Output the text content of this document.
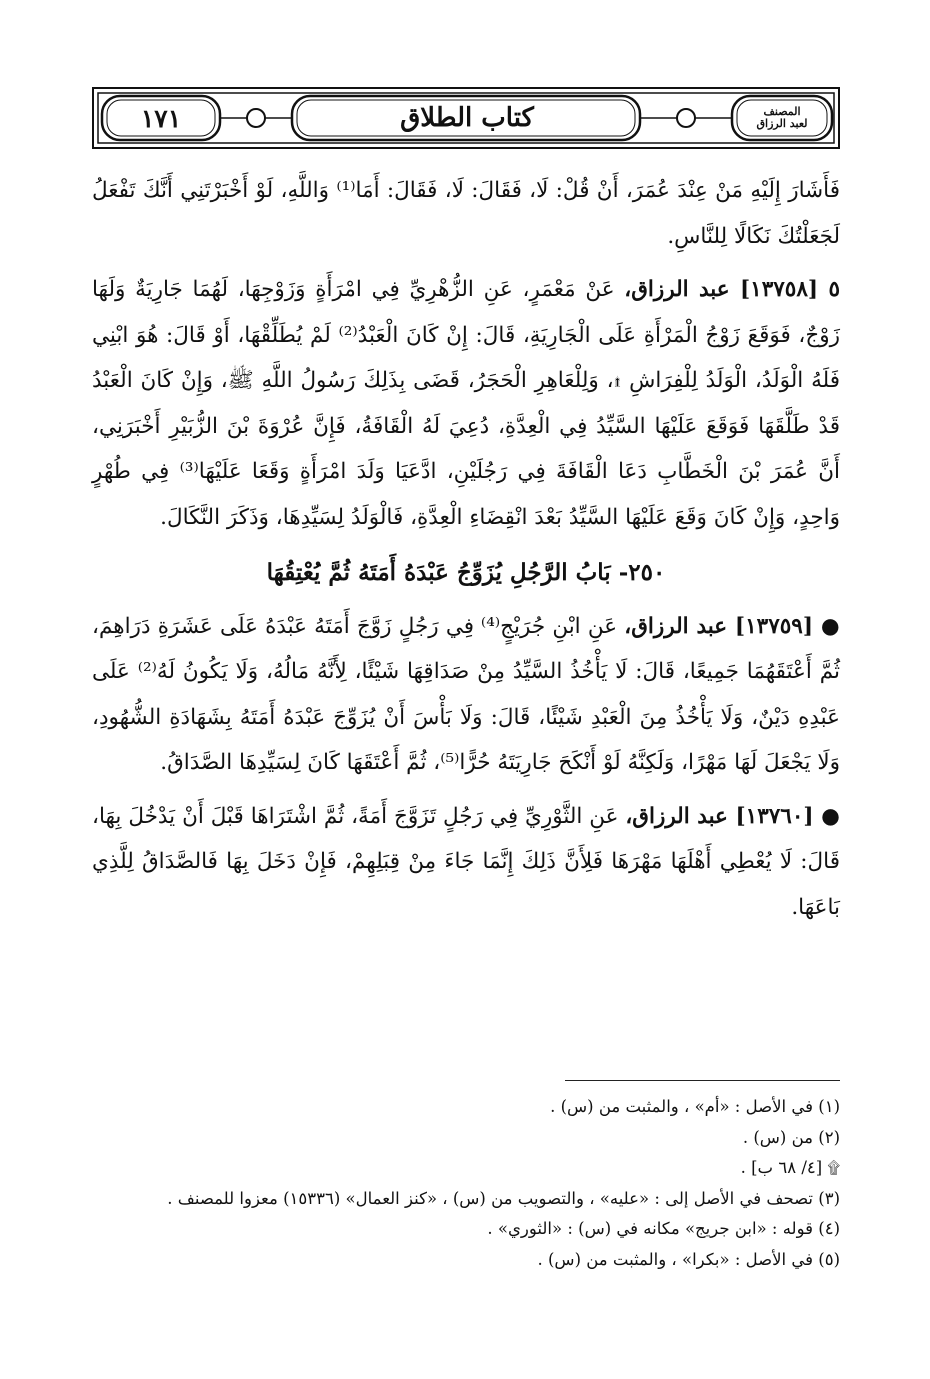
١٧١	كتاب الطلاق	المصنف
لعبد الرزاق

فَأَشَارَ إِلَيْهِ مَنْ عِنْدَ عُمَرَ، أَنْ قُلْ: لَا، فَقَالَ: لَا، فَقَالَ: أَمَا⁽¹⁾ وَاللَّهِ، لَوْ أَخْبَرْتَنِي أَنَّكَ تَفْعَلُ لَجَعَلْتُكَ نَكَالًا لِلنَّاسِ.

٥ [١٣٧٥٨] عبد الرزاق، عَنْ مَعْمَرٍ، عَنِ الزُّهْرِيِّ فِي امْرَأَةٍ وَزَوْجِهَا، لَهُمَا جَارِيَةٌ وَلَهَا زَوْجٌ، فَوَقَعَ زَوْجُ الْمَرْأَةِ عَلَى الْجَارِيَةِ، قَالَ: إِنْ كَانَ الْعَبْدُ⁽²⁾ لَمْ يُطَلِّقْهَا، أَوْ قَالَ: هُوَ ابْنِي فَلَهُ الْوَلَدُ، الْوَلَدُ لِلْفِرَاشِ ۩، وَلِلْعَاهِرِ الْحَجَرُ، قَضَى بِذَلِكَ رَسُولُ اللَّهِ ﷺ، وَإِنْ كَانَ الْعَبْدُ قَدْ طَلَّقَهَا فَوَقَعَ عَلَيْهَا السَّيِّدُ فِي الْعِدَّةِ، دُعِيَ لَهُ الْقَافَةُ، فَإِنَّ عُرْوَةَ بْنَ الزُّبَيْرِ أَخْبَرَنِي، أَنَّ عُمَرَ بْنَ الْخَطَّابِ دَعَا الْقَافَةَ فِي رَجُلَيْنِ، ادَّعَيَا وَلَدَ امْرَأَةٍ وَقَعَا عَلَيْهَا⁽³⁾ فِي طُهْرٍ وَاحِدٍ، وَإِنْ كَانَ وَقَعَ عَلَيْهَا السَّيِّدُ بَعْدَ انْقِضَاءِ الْعِدَّةِ، فَالْوَلَدُ لِسَيِّدِهَا، وَذَكَرَ النَّكَالَ.

٢٥٠- بَابُ الرَّجُلِ يُزَوِّجُ عَبْدَهُ أَمَتَهُ ثُمَّ يُعْتِقُهَا

● [١٣٧٥٩] عبد الرزاق، عَنِ ابْنِ جُرَيْجٍ⁽⁴⁾ فِي رَجُلٍ زَوَّجَ أَمَتَهُ عَبْدَهُ عَلَى عَشَرَةِ دَرَاهِمَ، ثُمَّ أَعْتَقَهُمَا جَمِيعًا، قَالَ: لَا يَأْخُذُ السَّيِّدُ مِنْ صَدَاقِهَا شَيْئًا، لِأَنَّهُ مَالُهُ، وَلَا يَكُونُ لَهُ⁽²⁾ عَلَى عَبْدِهِ دَيْنٌ، وَلَا يَأْخُذُ مِنَ الْعَبْدِ شَيْئًا، قَالَ: وَلَا بَأْسَ أَنْ يُزَوِّجَ عَبْدَهُ أَمَتَهُ بِشَهَادَةِ الشُّهُودِ، وَلَا يَجْعَلَ لَهَا مَهْرًا، وَلَكِنَّهُ لَوْ أَنْكَحَ جَارِيَتَهُ حُرًّا⁽⁵⁾، ثُمَّ أَعْتَقَهَا كَانَ لِسَيِّدِهَا الصَّدَاقُ.

● [١٣٧٦٠] عبد الرزاق، عَنِ الثَّوْرِيِّ فِي رَجُلٍ تَزَوَّجَ أَمَةً، ثُمَّ اشْتَرَاهَا قَبْلَ أَنْ يَدْخُلَ بِهَا، قَالَ: لَا يُعْطِي أَهْلَهَا مَهْرَهَا فَلِأَنَّ ذَلِكَ إِنَّمَا جَاءَ مِنْ قِبَلِهِمْ، فَإِنْ دَخَلَ بِهَا فَالصَّدَاقُ لِلَّذِي بَاعَهَا.

(١) في الأصل : «أم» ، والمثبت من (س) .

(٢) من (س) .

۩ [٤/ ٦٨ ب] .

(٣) تصحف في الأصل إلى : «عليه» ، والتصويب من (س) ، «كنز العمال» (١٥٣٣٦) معزوا للمصنف .

(٤) قوله : «ابن جريج» مكانه في (س) : «الثوري» .

(٥) في الأصل : «بكرا» ، والمثبت من (س) .
